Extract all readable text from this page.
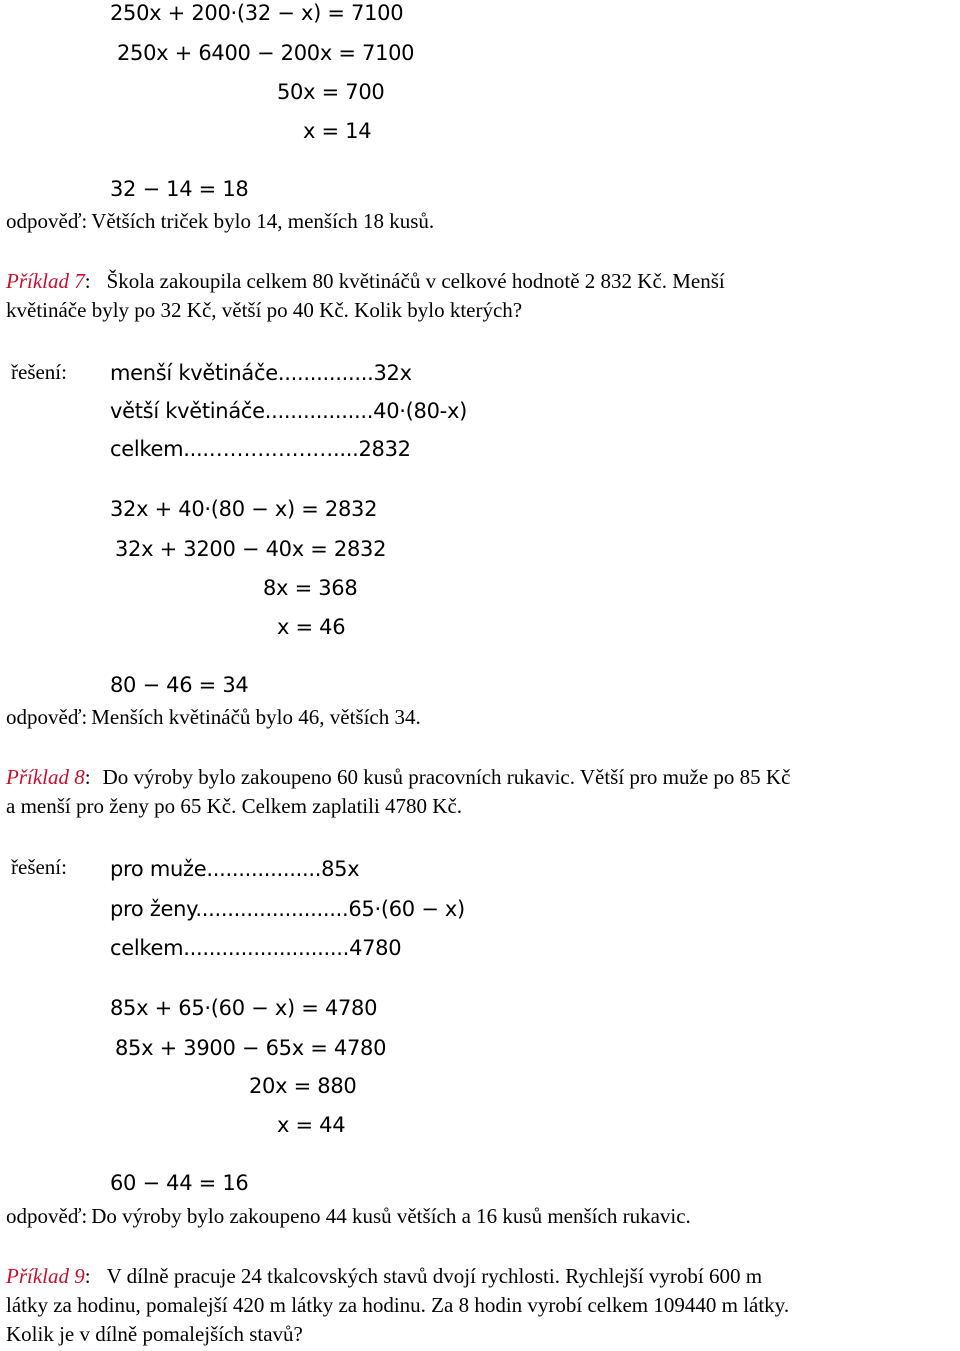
250x + 200·(32 − x) = 7100
250x + 6400 − 200x = 7100
50x = 700
x = 14
32 − 14 = 18
odpověď: Větších triček bylo 14, menších 18 kusů.
Příklad 7: Škola zakoupila celkem 80 květináčů v celkové hodnotě 2 832 Kč. Menší
květináče byly po 32 Kč, větší po 40 Kč. Kolik bylo kterých?
řešení: menší květináče...............32x
větší květináče.................40·(80-x)
celkem....………………....2832
32x + 40·(80 − x) = 2832
32x + 3200 − 40x = 2832
8x = 368
x = 46
80 − 46 = 34
odpověď: Menších květináčů bylo 46, větších 34.
Příklad 8: Do výroby bylo zakoupeno 60 kusů pracovních rukavic. Větší pro muže po 85 Kč
a menší pro ženy po 65 Kč. Celkem zaplatili 4780 Kč.
řešení: pro muže..................85x
pro ženy........................65·(60 − x)
celkem..........................4780
85x + 65·(60 − x) = 4780
85x + 3900 − 65x = 4780
20x = 880
x = 44
60 − 44 = 16
odpověď: Do výroby bylo zakoupeno 44 kusů větších a 16 kusů menších rukavic.
Příklad 9: V dílně pracuje 24 tkalcovských stavů dvojí rychlosti. Rychlejší vyrobí 600 m
látky za hodinu, pomalejší 420 m látky za hodinu. Za 8 hodin vyrobí celkem 109440 m látky.
Kolik je v dílně pomalejších stavů?
